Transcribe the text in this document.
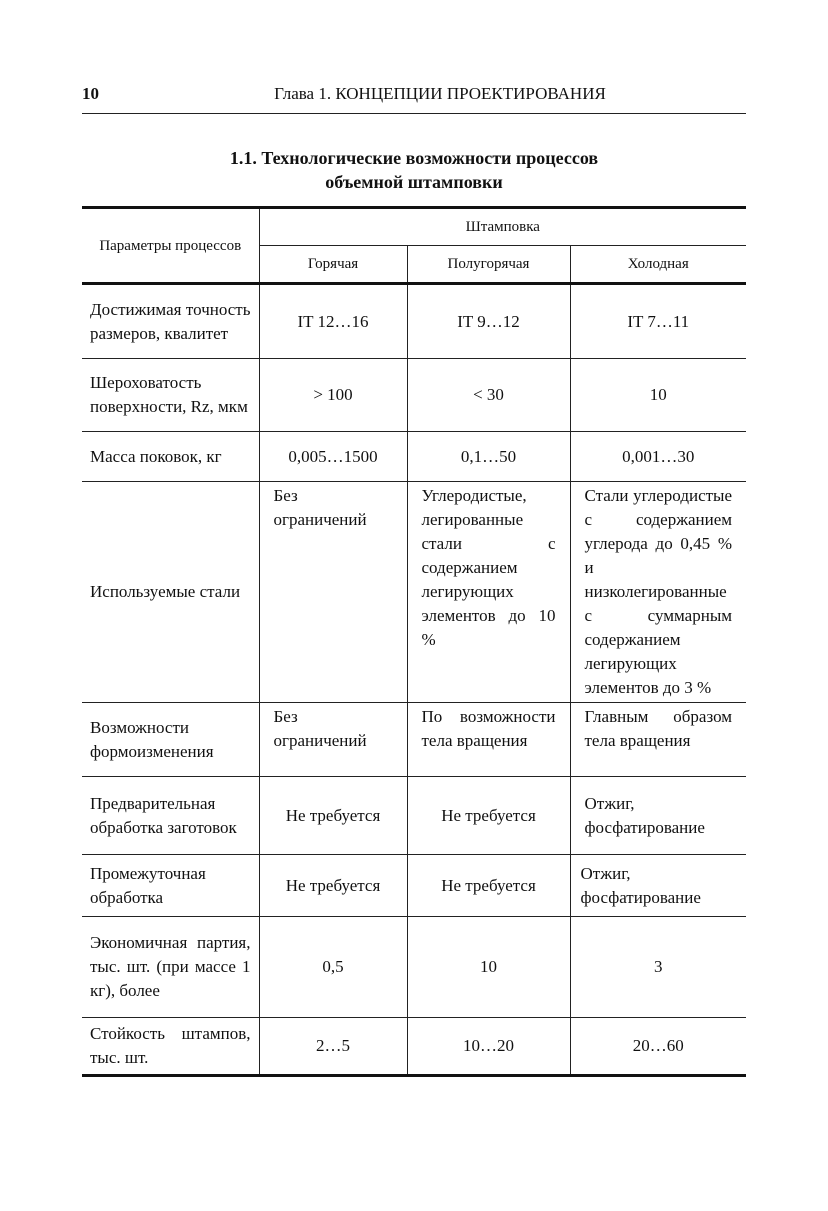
10	Глава 1. КОНЦЕПЦИИ ПРОЕКТИРОВАНИЯ
1.1. Технологические возможности процессов
объемной штамповки
Параметры процессов	Штамповка		
	Горячая	Полугорячая	Холодная
Достижимая точность размеров, квалитет	IT 12…16	IT 9…12	IT 7…11
Шероховатость поверхности, Rz, мкм	> 100	< 30	10
Масса поковок, кг	0,005…1500	0,1…50	0,001…30
Используемые стали	Без ограничений	Углеродистые, легированные стали с содержанием легирующих элементов до 10 %	Стали углеродистые с содержанием углерода до 0,45 % и низколегированные с суммарным содержанием легирующих элементов до 3 %
Возможности формоизменения	Без ограничений	По возможности тела вращения	Главным образом тела вращения
Предварительная обработка заготовок	Не требуется	Не требуется	Отжиг, фосфатирование
Промежуточная обработка	Не требуется	Не требуется	Отжиг, фосфатирование
Экономичная партия, тыс. шт. (при массе 1 кг), более	0,5	10	3
Стойкость штампов, тыс. шт.	2…5	10…20	20…60
